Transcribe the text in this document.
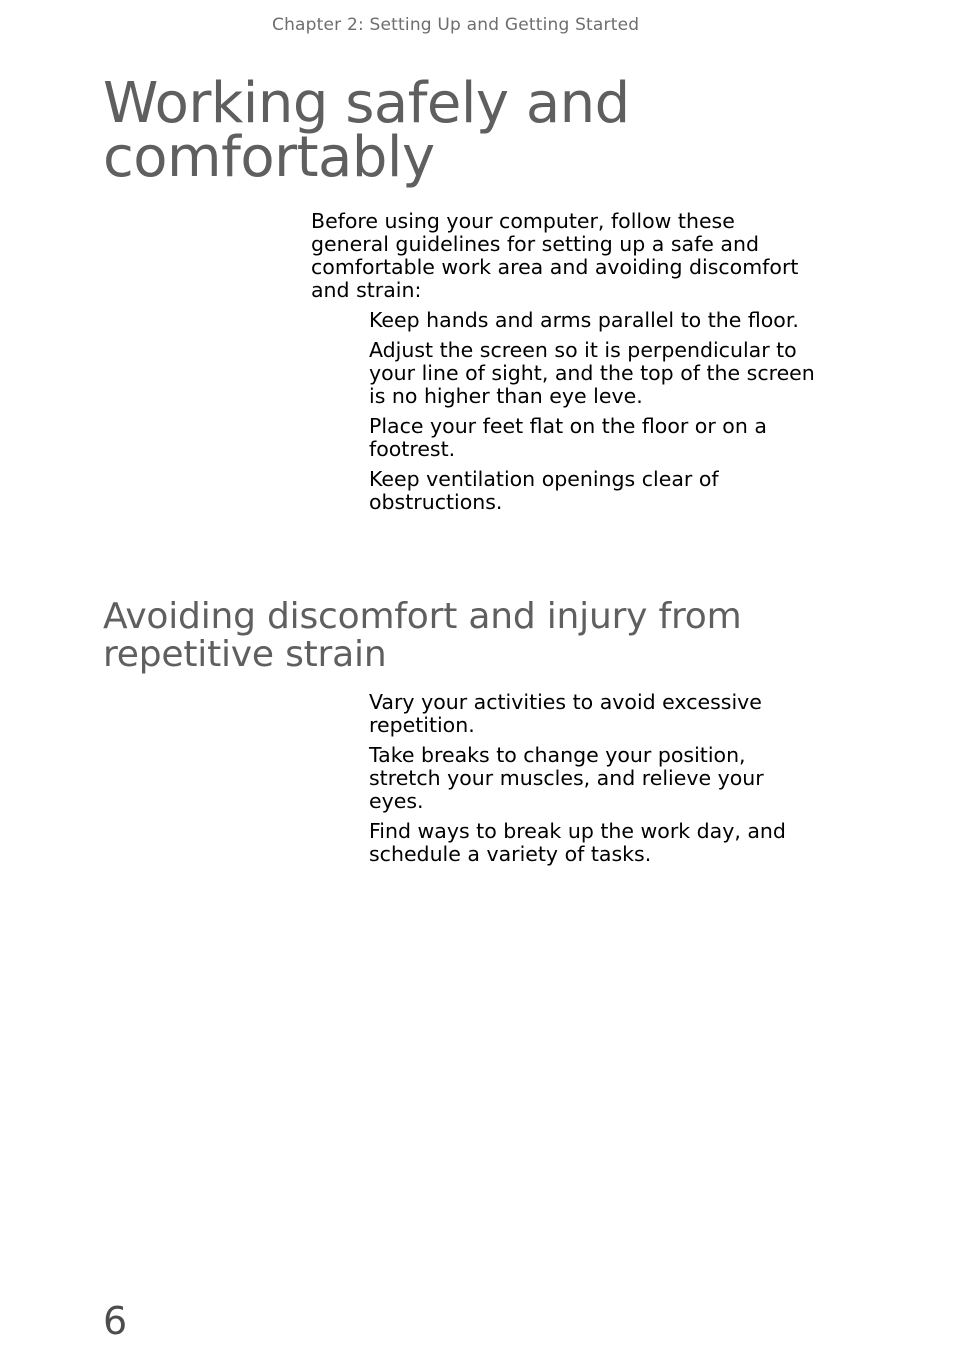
Chapter 2: Setting Up and Getting Started
Working safely and comfortably

Before using your computer, follow these general guidelines for setting up a safe and comfortable work area and avoiding discomfort and strain:

Keep hands and arms parallel to the floor.
Adjust the screen so it is perpendicular to your line of sight, and the top of the screen is no higher than eye leve.
Place your feet flat on the floor or on a footrest.
Keep ventilation openings clear of obstructions.
Avoiding discomfort and injury from repetitive strain
Vary your activities to avoid excessive repetition.
Take breaks to change your position, stretch your muscles, and relieve your eyes.
Find ways to break up the work day, and schedule a variety of tasks.
6
